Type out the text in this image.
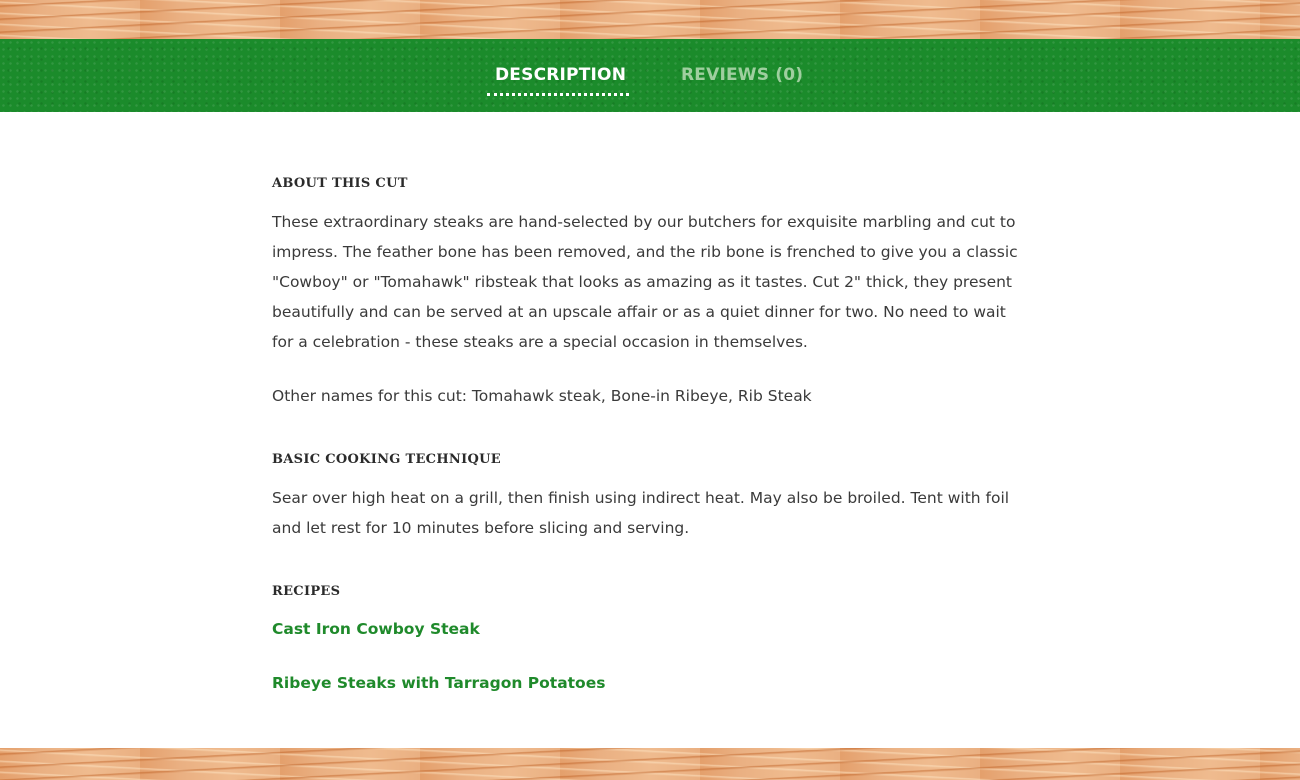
DESCRIPTION	REVIEWS (0)
ABOUT THIS CUT

These extraordinary steaks are hand-selected by our butchers for exquisite marbling and cut to impress. The feather bone has been removed, and the rib bone is frenched to give you a classic "Cowboy" or "Tomahawk" ribsteak that looks as amazing as it tastes. Cut 2" thick, they present beautifully and can be served at an upscale affair or as a quiet dinner for two. No need to wait for a celebration - these steaks are a special occasion in themselves.

Other names for this cut: Tomahawk steak, Bone-in Ribeye, Rib Steak

BASIC COOKING TECHNIQUE

Sear over high heat on a grill, then finish using indirect heat. May also be broiled. Tent with foil and let rest for 10 minutes before slicing and serving.

RECIPES
Cast Iron Cowboy Steak
Ribeye Steaks with Tarragon Potatoes
